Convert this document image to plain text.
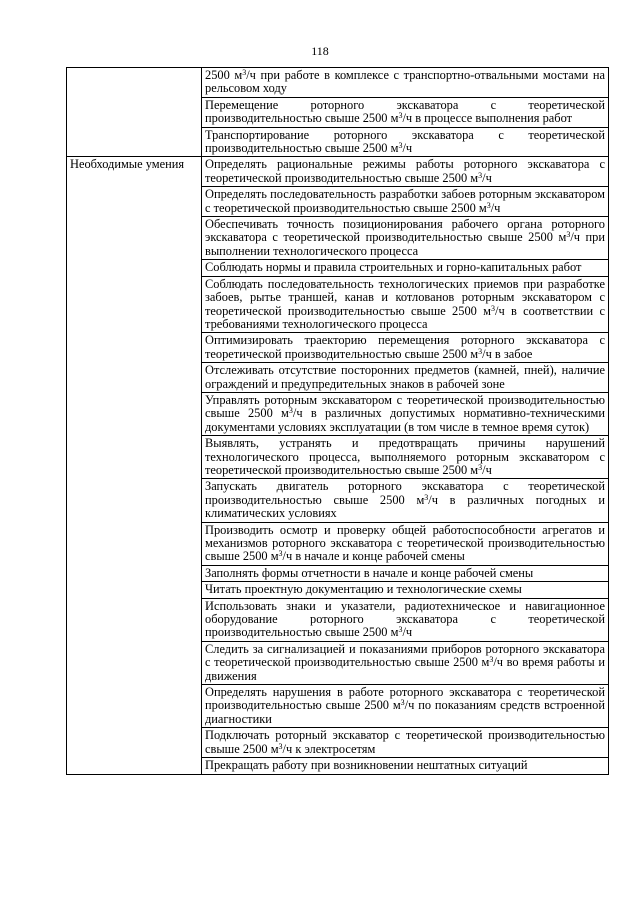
118
	2500 $м^3/ч$ при работе в комплексе с транспортно-отвальными мостами на рельсовом ходу
	Перемещение роторного экскаватора с теоретической производительностью свыше 2500 $м^3/ч$ в процессе выполнения работ
	Транспортирование роторного экскаватора с теоретической производительностью свыше 2500 $м^3/ч$
Необходимые умения	Определять рациональные режимы работы роторного экскаватора с теоретической производительностью свыше 2500 $м^3/ч$
	Определять последовательность разработки забоев роторным экскаватором с теоретической производительностью свыше 2500 $м^3/ч$
	Обеспечивать точность позиционирования рабочего органа роторного экскаватора с теоретической производительностью свыше 2500 $м^3/ч$ при выполнении технологического процесса
	Соблюдать нормы и правила строительных и горно-капитальных работ
	Соблюдать последовательность технологических приемов при разработке забоев, рытье траншей, канав и котлованов роторным экскаватором с теоретической производительностью свыше 2500 $м^3/ч$ в соответствии с требованиями технологического процесса
	Оптимизировать траекторию перемещения роторного экскаватора с теоретической производительностью свыше 2500 $м^3/ч$ в забое
	Отслеживать отсутствие посторонних предметов (камней, пней), наличие ограждений и предупредительных знаков в рабочей зоне
	Управлять роторным экскаватором с теоретической производительностью свыше 2500 $м^3/ч$ в различных допустимых нормативно-техническими документами условиях эксплуатации (в том числе в темное время суток)
	Выявлять, устранять и предотвращать причины нарушений технологического процесса, выполняемого роторным экскаватором с теоретической производительностью свыше 2500 $м^3/ч$
	Запускать двигатель роторного экскаватора с теоретической производительностью свыше 2500 $м^3/ч$ в различных погодных и климатических условиях
	Производить осмотр и проверку общей работоспособности агрегатов и механизмов роторного экскаватора с теоретической производительностью свыше 2500 $м^3/ч$ в начале и конце рабочей смены
	Заполнять формы отчетности в начале и конце рабочей смены
	Читать проектную документацию и технологические схемы
	Использовать знаки и указатели, радиотехническое и навигационное оборудование роторного экскаватора с теоретической производительностью свыше 2500 $м^3/ч$
	Следить за сигнализацией и показаниями приборов роторного экскаватора с теоретической производительностью свыше 2500 $м^3/ч$ во время работы и движения
	Определять нарушения в работе роторного экскаватора с теоретической производительностью свыше 2500 $м^3/ч$ по показаниям средств встроенной диагностики
	Подключать роторный экскаватор с теоретической производительностью свыше 2500 $м^3/ч$ к электросетям
	Прекращать работу при возникновении нештатных ситуаций
